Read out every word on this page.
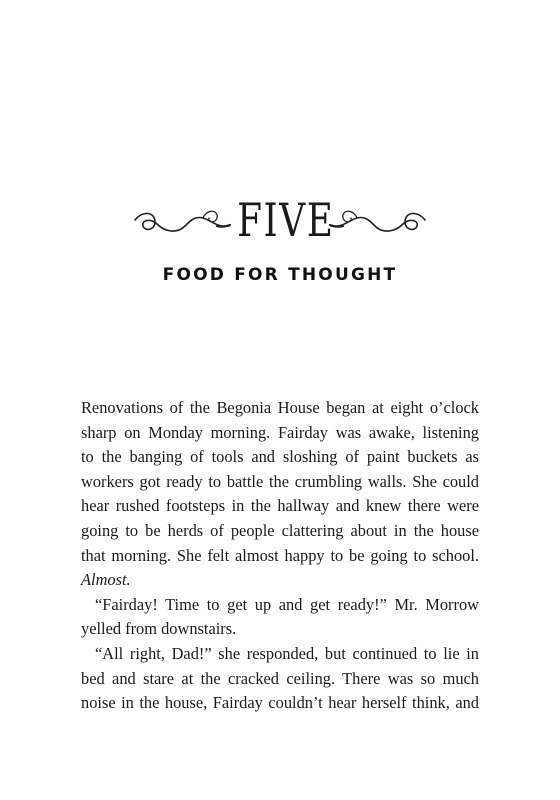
FIVE
FOOD FOR THOUGHT

Renovations of the Begonia House began at eight o’clock
sharp on Monday morning. Fairday was awake, listening
to the banging of tools and sloshing of paint buckets as
workers got ready to battle the crumbling walls. She could
hear rushed footsteps in the hallway and knew there were
going to be herds of people clattering about in the house
that morning. She felt almost happy to be going to school.

Almost.

“Fairday! Time to get up and get ready!” Mr. Morrow

yelled from downstairs.

“All right, Dad!” she responded, but continued to lie in
bed and stare at the cracked ceiling. There was so much
noise in the house, Fairday couldn’t hear herself think, and
